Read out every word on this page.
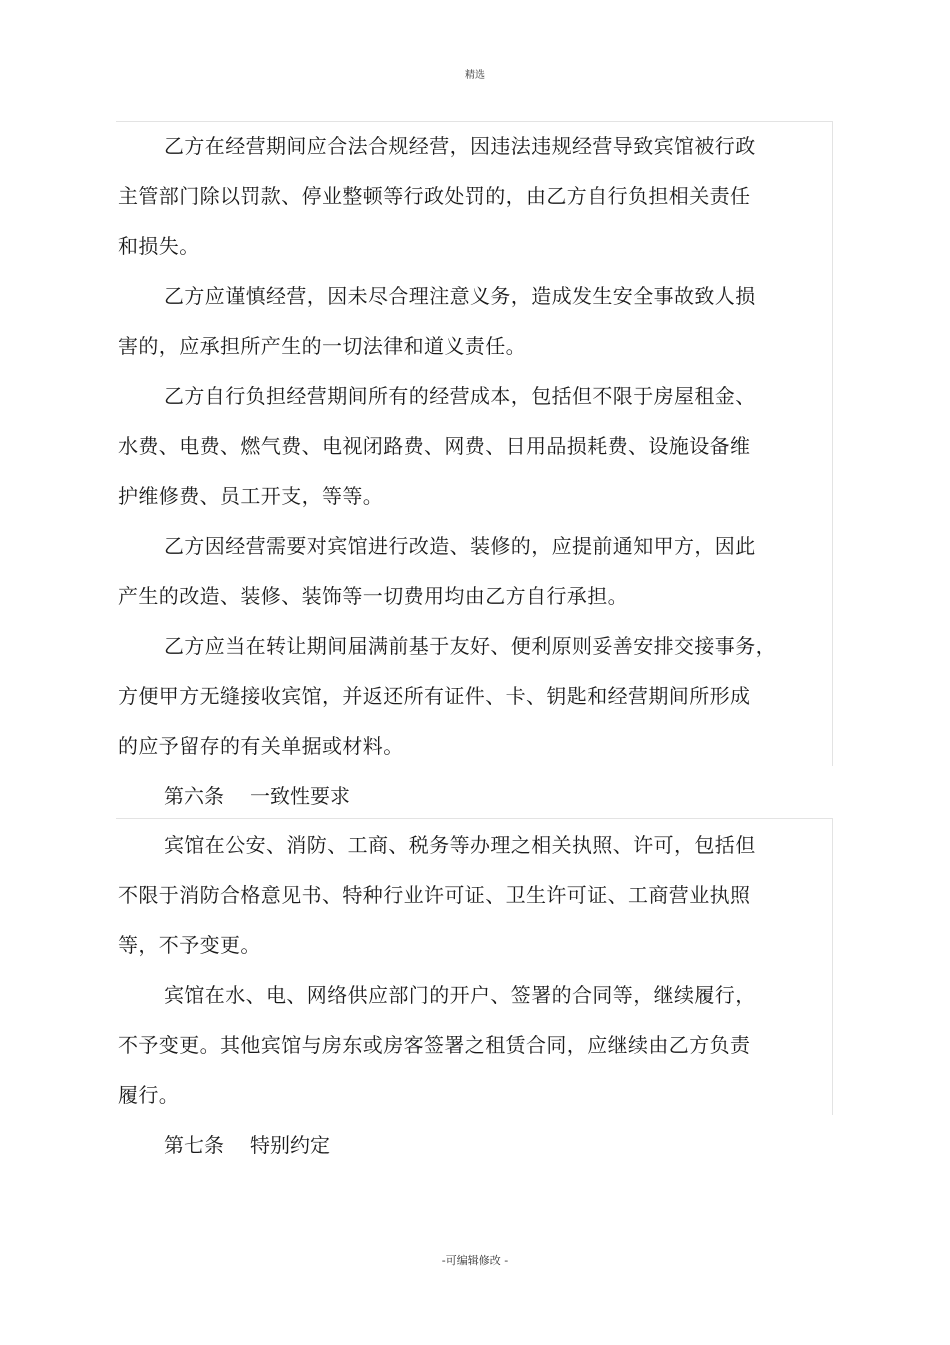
精选
乙方在经营期间应合法合规经营，因违法违规经营导致宾馆被行政
主管部门除以罚款、停业整顿等行政处罚的，由乙方自行负担相关责任
和损失。
乙方应谨慎经营，因未尽合理注意义务，造成发生安全事故致人损
害的，应承担所产生的一切法律和道义责任。
乙方自行负担经营期间所有的经营成本，包括但不限于房屋租金、
水费、电费、燃气费、电视闭路费、网费、日用品损耗费、设施设备维
护维修费、员工开支，等等。
乙方因经营需要对宾馆进行改造、装修的，应提前通知甲方，因此
产生的改造、装修、装饰等一切费用均由乙方自行承担。
乙方应当在转让期间届满前基于友好、便利原则妥善安排交接事务，
方便甲方无缝接收宾馆，并返还所有证件、卡、钥匙和经营期间所形成
的应予留存的有关单据或材料。
第六条 一致性要求
宾馆在公安、消防、工商、税务等办理之相关执照、许可，包括但
不限于消防合格意见书、特种行业许可证、卫生许可证、工商营业执照
等，不予变更。
宾馆在水、电、网络供应部门的开户、签署的合同等，继续履行，
不予变更。其他宾馆与房东或房客签署之租赁合同，应继续由乙方负责
履行。
第七条 特别约定
-可编辑修改 -
